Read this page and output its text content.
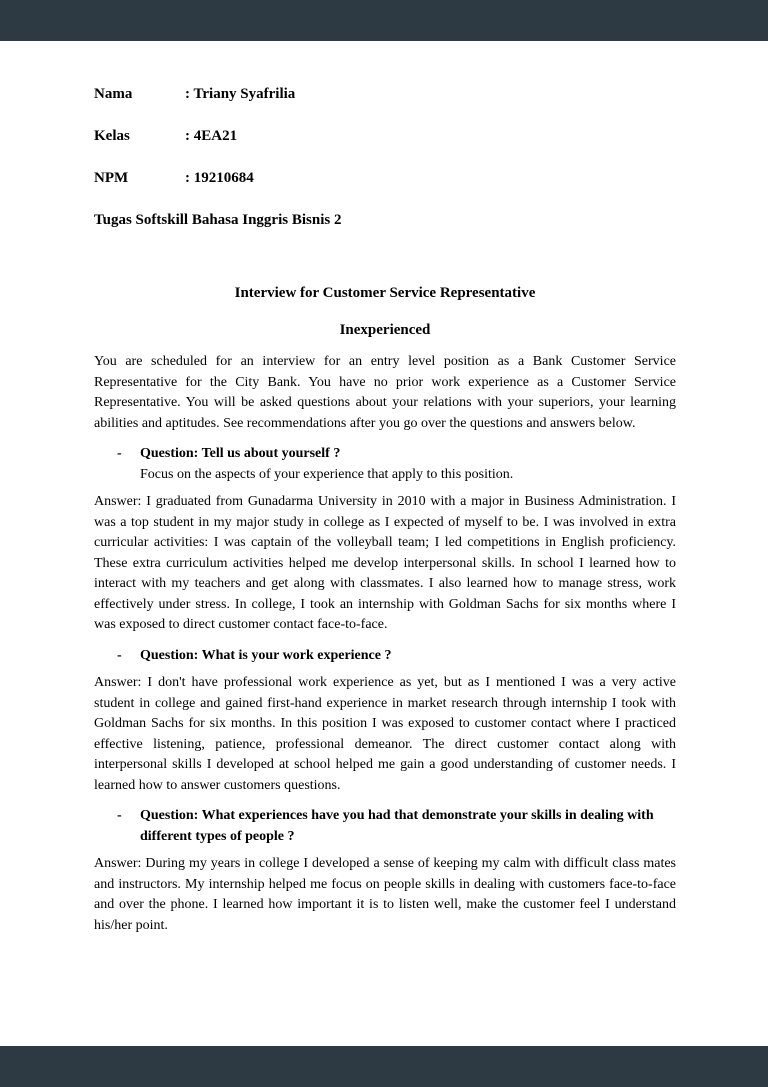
Nama	: Triany Syafrilia
Kelas	: 4EA21
NPM	: 19210684
Tugas Softskill Bahasa Inggris Bisnis 2
Interview for Customer Service Representative
Inexperienced

You are scheduled for an interview for an entry level position as a Bank Customer Service Representative for the City Bank. You have no prior work experience as a Customer Service Representative. You will be asked questions about your relations with your superiors, your learning abilities and aptitudes. See recommendations after you go over the questions and answers below.

-	Question: Tell us about yourself ?
Focus on the aspects of your experience that apply to this position.

Answer: I graduated from Gunadarma University in 2010 with a major in Business Administration. I was a top student in my major study in college as I expected of myself to be. I was involved in extra curricular activities: I was captain of the volleyball team; I led competitions in English proficiency. These extra curriculum activities helped me develop interpersonal skills. In school I learned how to interact with my teachers and get along with classmates. I also learned how to manage stress, work effectively under stress. In college, I took an internship with Goldman Sachs for six months where I was exposed to direct customer contact face-to-face.

-	Question: What is your work experience ?

Answer: I don't have professional work experience as yet, but as I mentioned I was a very active student in college and gained first-hand experience in market research through internship I took with Goldman Sachs for six months. In this position I was exposed to customer contact where I practiced effective listening, patience, professional demeanor. The direct customer contact along with interpersonal skills I developed at school helped me gain a good understanding of customer needs. I learned how to answer customers questions.

-	Question: What experiences have you had that demonstrate your skills in dealing with different types of people ?

Answer: During my years in college I developed a sense of keeping my calm with difficult class mates and instructors. My internship helped me focus on people skills in dealing with customers face-to-face and over the phone. I learned how important it is to listen well, make the customer feel I understand his/her point.
